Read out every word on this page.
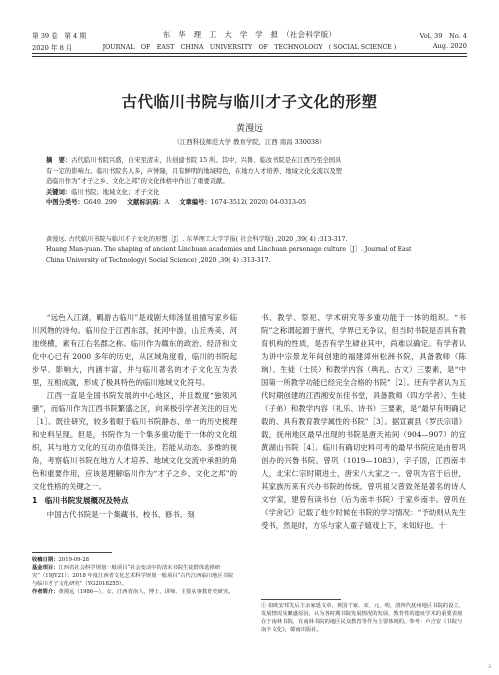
第 39 卷　第 4 期	东　华　理　工　大　学　学　报　（社会科学版）	Vol. 39　No. 4
2020 年 8 月	JOURNAL　OF　EAST　CHINA　UNIVERSITY　OF　TECHNOLOGY　( SOCIAL SCIENCE )	Aug. 2020
古代临川书院与临川才子文化的形塑
黄漫远
（江西科技师范大学 教育学院，江西 南昌 330038）
摘　要：古代临川书院兴盛，自宋至清末，共创建书院 15 所。其中，兴鲁、临汝书院是在江西乃至全国具
有一定的影响力。临川书院名人多，声誉隆，且有鲜明的地域特色，在地方人才培养、地域文化交流以及塑
造临川作为“才子之乡、文化之邦”的文化体格中作出了重要贡献。
关键词：临川书院；地域文化；才子文化
中图分类号：G649. 299 文献标识码：A 文章编号：1674-3512( 2020) 04-0313-05
黄漫远. 古代临川书院与临川才子文化的形塑［J］. 东华理工大学学报( 社会科学版) ,2020 ,39( 4) :313-317.
Huang Man-yuan. The shaping of ancient Linchuan academies and Linchuan personage culture［J］. Journal of East
China University of Technology( Social Science) ,2020 ,39( 4) :313-317.

“远色入江湖，羁游古临川”是戏剧大师汤显祖描写家乡临川风物的诗句。临川位于江西东部，抚河中游，山丘秀美，河池绕横，素有江右名郡之称。临川作为赣东的政治、经济和文化中心已有 2000 多年的历史，从区域角度看，临川的书院起步早、影响大，内涵丰富，并与临川著名的才子文化互为表里，互相成就，形成了极具特色的临川地域文化符号。

江西一直是全国书院发展的中心地区，并且数度“独领风骚”，而临川作为江西书院繁盛之区，向来极引学者关注的目光［1］。既往研究，较多着眼于临川书院静态、单一的历史梳理和史料呈现。但是，书院作为一个集多重功能于一体的文化组织，其与地方文化的互动亦值得关注。若能从动态、多维的视角，考察临川书院在地方人才培养、地域文化交流中承担的角色和重要作用，应该是理解临川作为“才子之乡、文化之邦”的文化性格的关键之一。

1　临川书院发展概况及特点

中国古代书院是一个集藏书、校书、修书、刻

书、教学、祭祀、学术研究等多重功能于一体的组织。“书院”之称谓起源于唐代，学界已无争议，但当时书院是否具有教育机构的性质，是否有学生肄业其中，尚难以确定。有学者认为讲中宗景龙年间创建的福建漳州松洲书院，具备教师（陈珦）、生徒（士民）和教学内容（典礼、古文）三要素，是“中国第一所教学功能已经完全合格的书院”［2］。还有学者认为五代时期创建的江西湘安东佳书堂，具备教师（四方学者）、生徒（子弟）和教学内容（礼乐、诗书）三要素，是“最早有明确记载的、具有教育教学属性的书院”［3］。据宣賨县《罗氏宗谱》载，抚州地区最早出现的书院是唐天祐间（904—907）的宜黄湖山书院［4］。临川有确切史料可考的最早书院应是由曾巩创办的兴鲁书院。曾巩（1019—1083），字子固，江西南丰人，北宋仁宗时期进士，唐宋八大家之一。曾巩为官于后世，其家族历来有兴办书院的传统。曾巩祖父曾致尧是著名的诗人文学家，建曾有读书台（后为南丰书院）于家乡南丰。曾巩在《学舍记》记载了他少时候在书院的学习情况：“予幼则从先生受书，然是时，方乐与家人童子嬉戏上下，未知好也。十

收稿日期：2019-09-28
基金项目：江西省社会科学规划一般项目“社会变动中的清末书院生徒群体选择研究”（19JY21）；2018 年度江西省文化艺术科学规划一般项目“古代江西临川地区书院与临川才子文化研究”（YG2018255）。
作者简介：黄漫远（1986—），女，江西省南人，博士，讲师，主要从事教育史研究。
① 如欧安邦先后主余家延文章，黄国干家，宋、元、明、清四代抚州地区书院的设立，发展情况及繁盛原因，认为各时期书院发展情况的发展、教育性的遗址学术的重要表现在于南林书院，在南林书院的地区民众教育等作为主要体现的。参考：卢吉安《书院与南丰文化》，赣南出版社。
3
